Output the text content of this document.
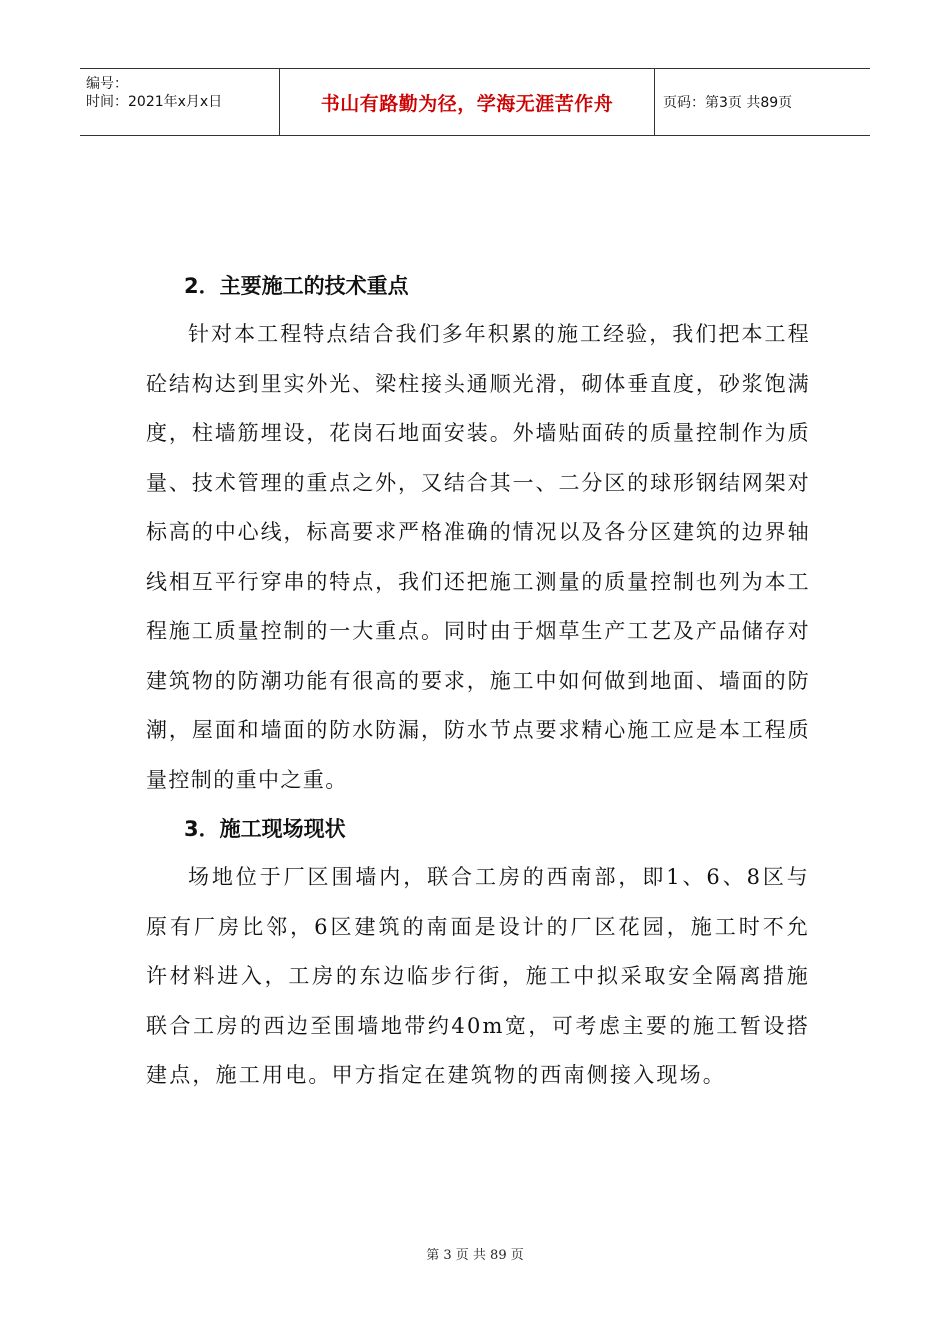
编号：
时间：2021年x月x日	书山有路勤为径，学海无涯苦作舟	页码：第3页 共89页
2．主要施工的技术重点

针对本工程特点结合我们多年积累的施工经验，我们把本工程砼结构达到里实外光、梁柱接头通顺光滑，砌体垂直度，砂浆饱满度，柱墙筋埋设，花岗石地面安装。外墙贴面砖的质量控制作为质量、技术管理的重点之外，又结合其一、二分区的球形钢结网架对标高的中心线，标高要求严格准确的情况以及各分区建筑的边界轴线相互平行穿串的特点，我们还把施工测量的质量控制也列为本工程施工质量控制的一大重点。同时由于烟草生产工艺及产品储存对建筑物的防潮功能有很高的要求，施工中如何做到地面、墙面的防潮，屋面和墙面的防水防漏，防水节点要求精心施工应是本工程质量控制的重中之重。

3．施工现场现状

场地位于厂区围墙内，联合工房的西南部，即1、6、8区与原有厂房比邻，6区建筑的南面是设计的厂区花园，施工时不允许材料进入，工房的东边临步行街，施工中拟采取安全隔离措施联合工房的西边至围墙地带约40m宽，可考虑主要的施工暂设搭建点，施工用电。甲方指定在建筑物的西南侧接入现场。

第 3 页 共 89 页
